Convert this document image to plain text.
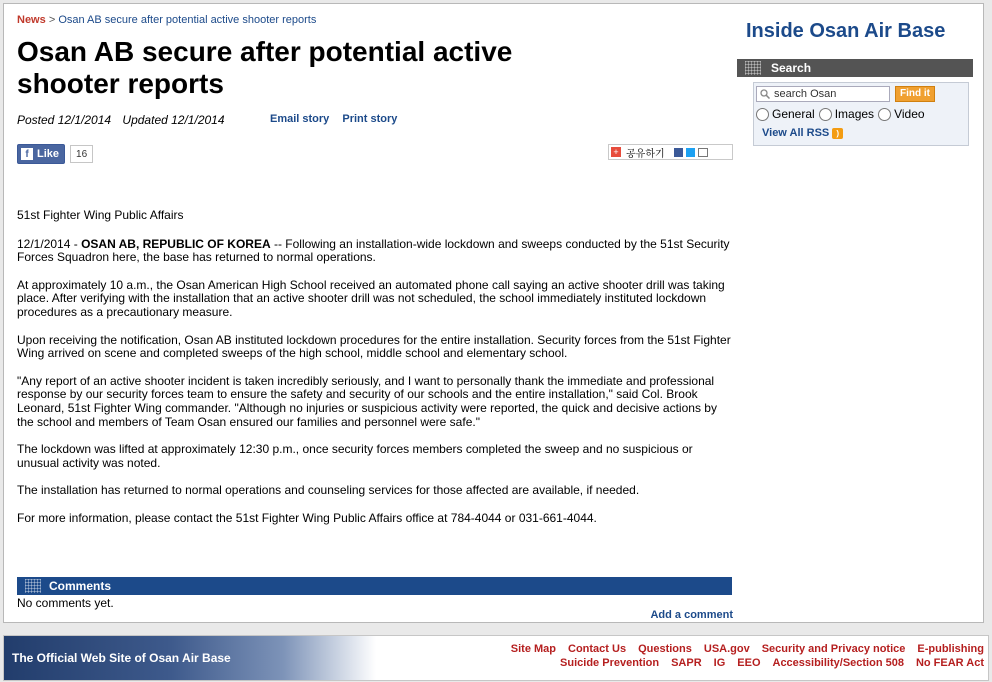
News > Osan AB secure after potential active shooter reports
Osan AB secure after potential active shooter reports
Posted 12/1/2014 Updated 12/1/2014	Email story Print story
f Like	16	+ 공유하기

51st Fighter Wing Public Affairs

12/1/2014 - OSAN AB, REPUBLIC OF KOREA -- Following an installation-wide lockdown and sweeps conducted by the 51st Security Forces Squadron here, the base has returned to normal operations.

At approximately 10 a.m., the Osan American High School received an automated phone call saying an active shooter drill was taking place. After verifying with the installation that an active shooter drill was not scheduled, the school immediately instituted lockdown procedures as a precautionary measure.

Upon receiving the notification, Osan AB instituted lockdown procedures for the entire installation. Security forces from the 51st Fighter Wing arrived on scene and completed sweeps of the high school, middle school and elementary school.

"Any report of an active shooter incident is taken incredibly seriously, and I want to personally thank the immediate and professional response by our security forces team to ensure the safety and security of our schools and the entire installation," said Col. Brook Leonard, 51st Fighter Wing commander. "Although no injuries or suspicious activity were reported, the quick and decisive actions by the school and members of Team Osan ensured our families and personnel were safe."

The lockdown was lifted at approximately 12:30 p.m., once security forces members completed the sweep and no suspicious or unusual activity was noted.

The installation has returned to normal operations and counseling services for those affected are available, if needed.

For more information, please contact the 51st Fighter Wing Public Affairs office at 784-4044 or 031-661-4044.

Comments
No comments yet.
Add a comment
Inside Osan Air Base
Search
search Osan	Find it
General Images Video
View All RSS )
The Official Web Site of Osan Air Base
Site Map Contact Us Questions USA.gov Security and Privacy notice E-publishing
Suicide Prevention SAPR IG EEO Accessibility/Section 508 No FEAR Act
